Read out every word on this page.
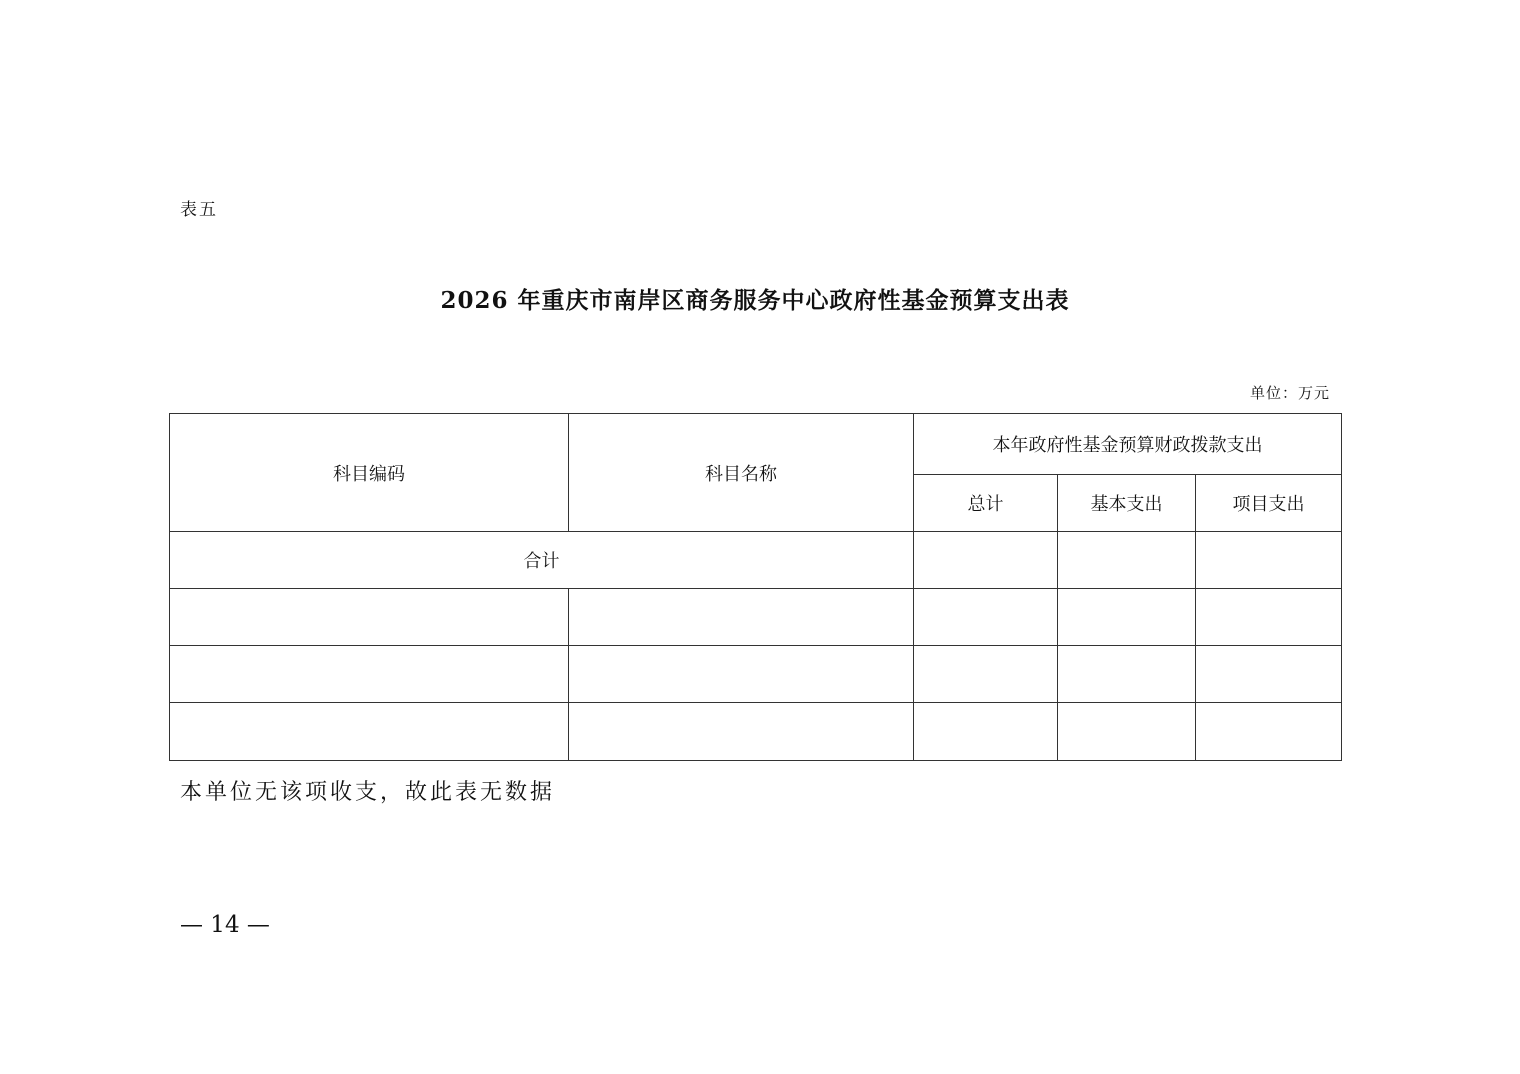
表五
2026 年重庆市南岸区商务服务中心政府性基金预算支出表
单位：万元
科目编码	科目名称	本年政府性基金预算财政拨款支出		
		总计	基本支出	项目支出
合计				

本单位无该项收支，故此表无数据
— 14 —
